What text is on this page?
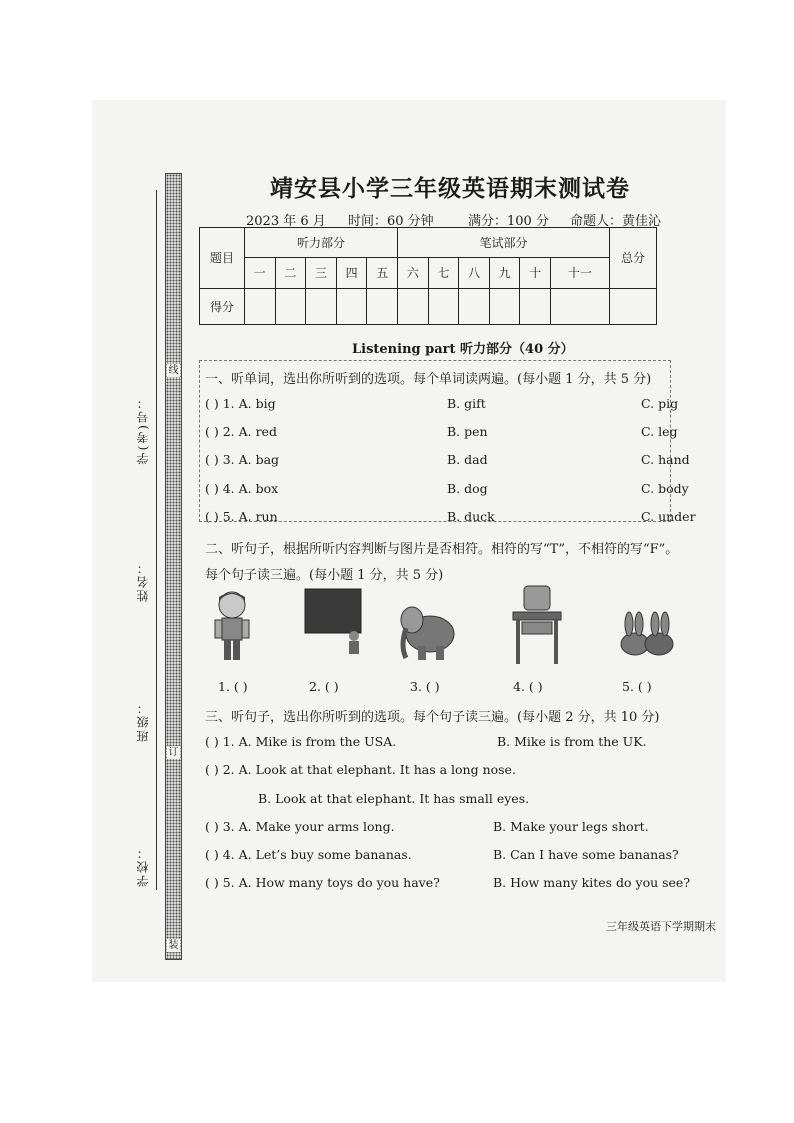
线
订
装
学(考)号：
姓名：
班级：
学校：
靖安县小学三年级英语期末测试卷
2023 年 6 月 时间：60 分钟	满分：100 分 命题人：黄佳沁
题目	听力部分					笔试部分						总分
	一	二	三	四	五	六	七	八	九	十	十一	
得分												
Listening part 听力部分（40 分）
一、听单词，选出你所听到的选项。每个单词读两遍。(每小题 1 分，共 5 分)
( ) 1. A. big	B. gift	C. pig
( ) 2. A. red	B. pen	C. leg
( ) 3. A. bag	B. dad	C. hand
( ) 4. A. box	B. dog	C. body
( ) 5. A. run	B. duck	C. under
二、听句子，根据所听内容判断与图片是否相符。相符的写“T”，不相符的写“F”。
每个句子读三遍。(每小题 1 分，共 5 分)
1. ( )	2. ( )	3. ( )	4. ( )	5. ( )
三、听句子，选出你所听到的选项。每个句子读三遍。(每小题 2 分，共 10 分)
( ) 1. A. Mike is from the USA.	B. Mike is from the UK.
( ) 2. A. Look at that elephant. It has a long nose.
B. Look at that elephant. It has small eyes.
( ) 3. A. Make your arms long.	B. Make your legs short.
( ) 4. A. Let’s buy some bananas.	B. Can I have some bananas?
( ) 5. A. How many toys do you have?	B. How many kites do you see?
三年级英语下学期期末
